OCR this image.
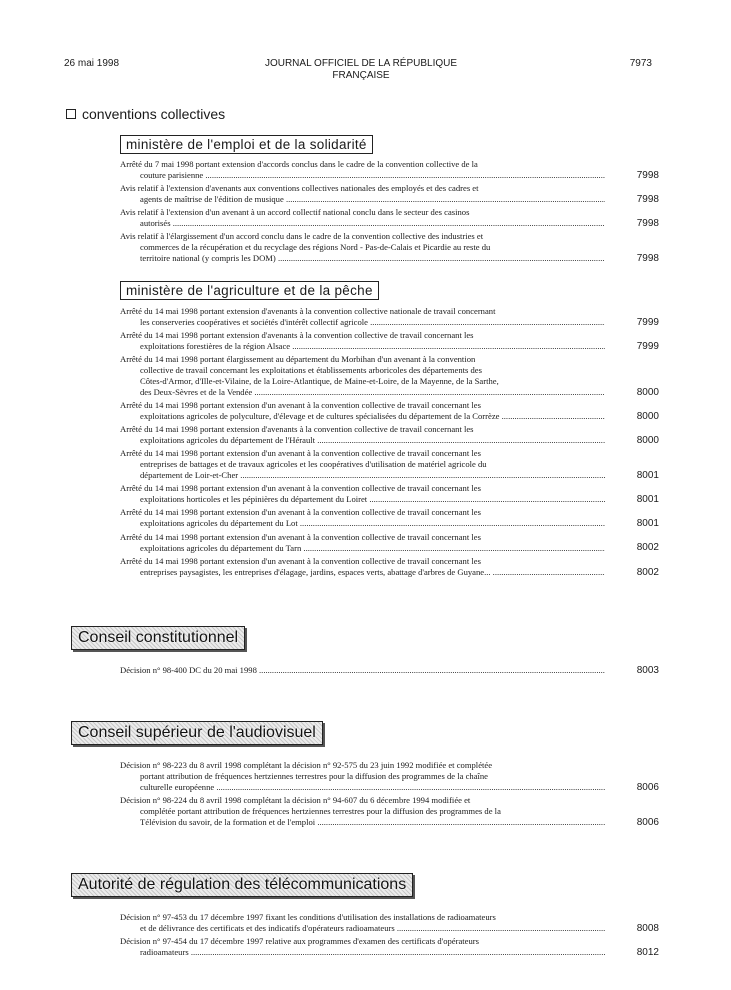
26 mai 1998	JOURNAL OFFICIEL DE LA RÉPUBLIQUE FRANÇAISE
7973
conventions collectives
ministère de l'emploi et de la solidarité
Arrêté du 7 mai 1998 portant extension d'accords conclus dans le cadre de la convention collective de la
couture parisienne .....	7998
Avis relatif à l'extension d'avenants aux conventions collectives nationales des employés et des cadres et
agents de maîtrise de l'édition de musique .....	7998
Avis relatif à l'extension d'un avenant à un accord collectif national conclu dans le secteur des casinos
autorisés .....	7998
Avis relatif à l'élargissement d'un accord conclu dans le cadre de la convention collective des industries et
commerces de la récupération et du recyclage des régions Nord - Pas-de-Calais et Picardie au reste du
territoire national (y compris les DOM) .....	7998
ministère de l'agriculture et de la pêche
Arrêté du 14 mai 1998 portant extension d'avenants à la convention collective nationale de travail concernant
les conserveries coopératives et sociétés d'intérêt collectif agricole .....	7999
Arrêté du 14 mai 1998 portant extension d'avenants à la convention collective de travail concernant les
exploitations forestières de la région Alsace .....	7999
Arrêté du 14 mai 1998 portant élargissement au département du Morbihan d'un avenant à la convention
collective de travail concernant les exploitations et établissements arboricoles des départements des
Côtes-d'Armor, d'Ille-et-Vilaine, de la Loire-Atlantique, de Maine-et-Loire, de la Mayenne, de la Sarthe,
des Deux-Sèvres et de la Vendée .....	8000
Arrêté du 14 mai 1998 portant extension d'un avenant à la convention collective de travail concernant les
exploitations agricoles de polyculture, d'élevage et de cultures spécialisées du département de la Corrèze .....	8000
Arrêté du 14 mai 1998 portant extension d'avenants à la convention collective de travail concernant les
exploitations agricoles du département de l'Hérault .....	8000
Arrêté du 14 mai 1998 portant extension d'un avenant à la convention collective de travail concernant les
entreprises de battages et de travaux agricoles et les coopératives d'utilisation de matériel agricole du
département de Loir-et-Cher .....	8001
Arrêté du 14 mai 1998 portant extension d'un avenant à la convention collective de travail concernant les
exploitations horticoles et les pépinières du département du Loiret .....	8001
Arrêté du 14 mai 1998 portant extension d'un avenant à la convention collective de travail concernant les
exploitations agricoles du département du Lot .....	8001
Arrêté du 14 mai 1998 portant extension d'un avenant à la convention collective de travail concernant les
exploitations agricoles du département du Tarn .....	8002
Arrêté du 14 mai 1998 portant extension d'un avenant à la convention collective de travail concernant les
entreprises paysagistes, les entreprises d'élagage, jardins, espaces verts, abattage d'arbres de Guyane... .....	8002
Conseil constitutionnel
Décision n° 98-400 DC du 20 mai 1998 .....	8003
Conseil supérieur de l'audiovisuel
Décision n° 98-223 du 8 avril 1998 complétant la décision n° 92-575 du 23 juin 1992 modifiée et complétée
portant attribution de fréquences hertziennes terrestres pour la diffusion des programmes de la chaîne
culturelle européenne .....	8006
Décision n° 98-224 du 8 avril 1998 complétant la décision n° 94-607 du 6 décembre 1994 modifiée et
complétée portant attribution de fréquences hertziennes terrestres pour la diffusion des programmes de la
Télévision du savoir, de la formation et de l'emploi .....	8006
Autorité de régulation des télécommunications
Décision n° 97-453 du 17 décembre 1997 fixant les conditions d'utilisation des installations de radioamateurs
et de délivrance des certificats et des indicatifs d'opérateurs radioamateurs .....	8008
Décision n° 97-454 du 17 décembre 1997 relative aux programmes d'examen des certificats d'opérateurs
radioamateurs .....	8012
